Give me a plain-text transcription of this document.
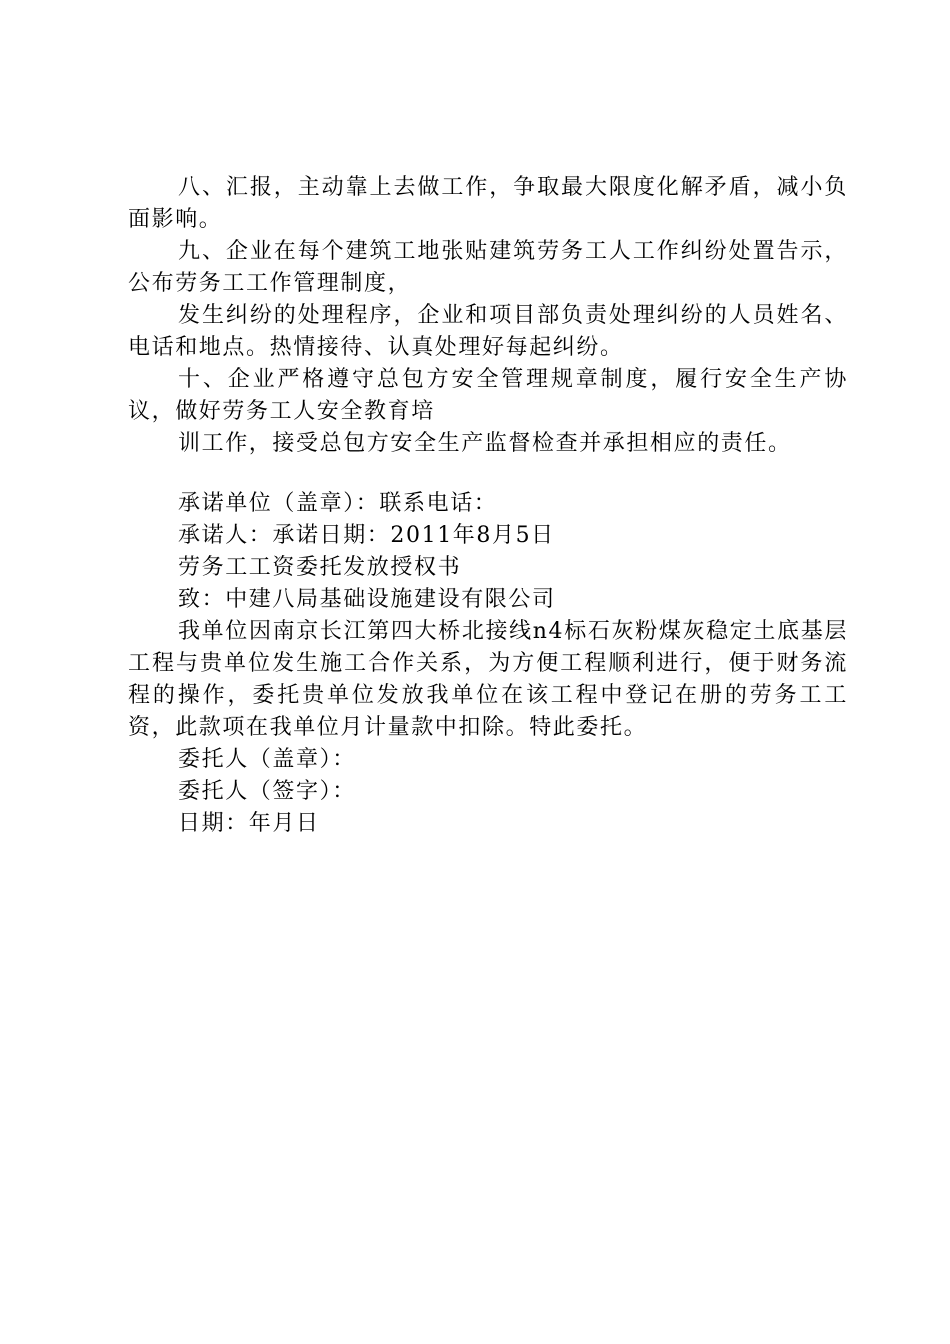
八、汇报，主动靠上去做工作，争取最大限度化解矛盾，减小负面影响。

九、企业在每个建筑工地张贴建筑劳务工人工作纠纷处置告示，公布劳务工工作管理制度，

发生纠纷的处理程序，企业和项目部负责处理纠纷的人员姓名、电话和地点。热情接待、认真处理好每起纠纷。

十、企业严格遵守总包方安全管理规章制度，履行安全生产协议，做好劳务工人安全教育培

训工作，接受总包方安全生产监督检查并承担相应的责任。

承诺单位（盖章）：联系电话：

承诺人：承诺日期：2011年8月5日

劳务工工资委托发放授权书

致：中建八局基础设施建设有限公司

我单位因南京长江第四大桥北接线n4标石灰粉煤灰稳定土底基层工程与贵单位发生施工合作关系，为方便工程顺利进行，便于财务流程的操作，委托贵单位发放我单位在该工程中登记在册的劳务工工资，此款项在我单位月计量款中扣除。特此委托。

委托人（盖章）：

委托人（签字）：

日期：年月日
